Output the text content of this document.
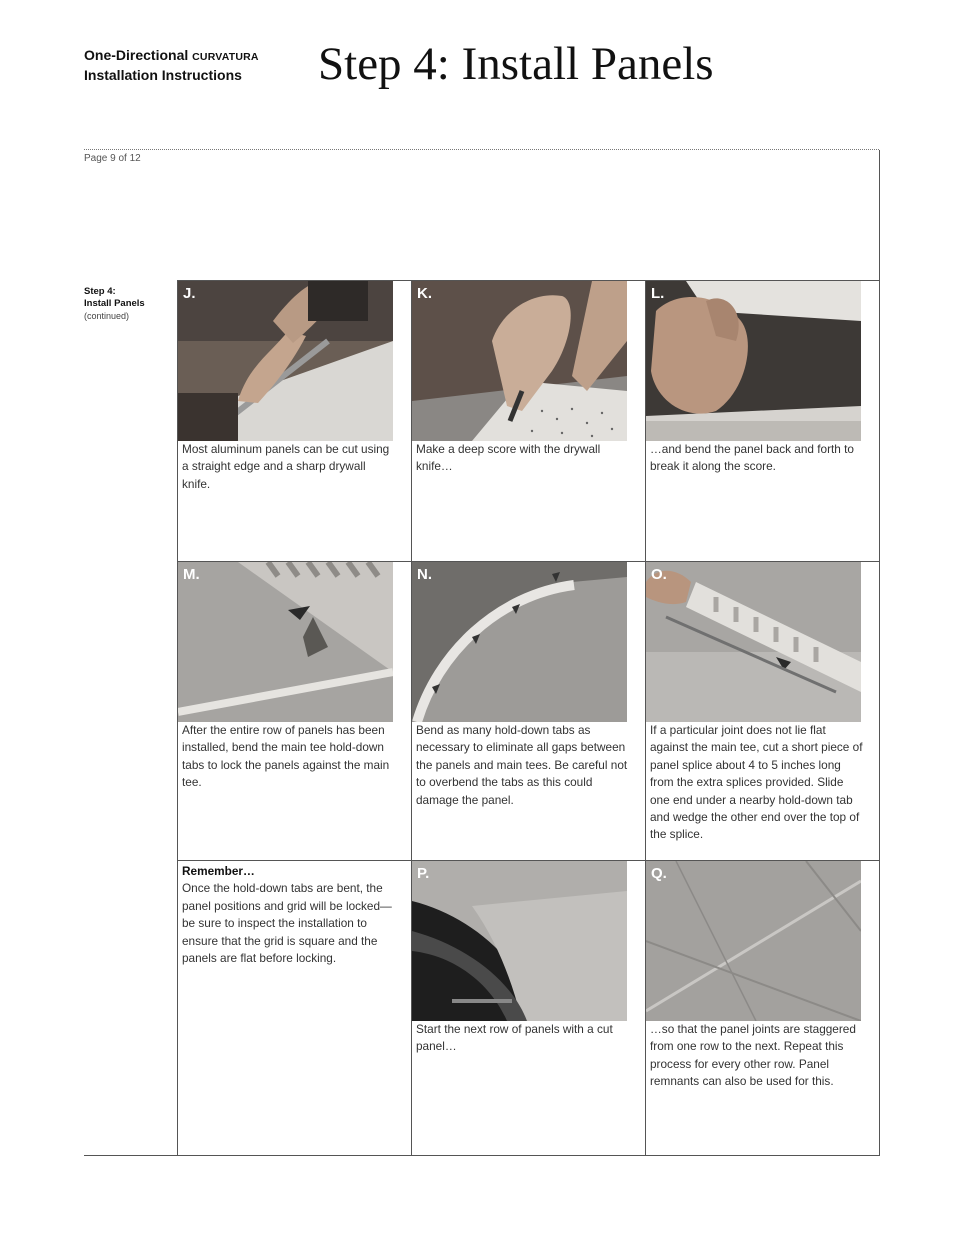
One-Directional CURVATURA
Installation Instructions	Step 4: Install Panels
Page 9 of 12
Step 4:
Install Panels
(continued)
J.
Most aluminum panels can be cut using a straight edge and a sharp drywall knife.
K.
Make a deep score with the drywall knife…
L.
…and bend the panel back and forth to break it along the score.
M.
After the entire row of panels has been installed, bend the main tee hold-down tabs to lock the panels against the main tee.
N.
Bend as many hold-down tabs as necessary to eliminate all gaps between the panels and main tees. Be careful not to overbend the tabs as this could damage the panel.
O.
If a particular joint does not lie flat against the main tee, cut a short piece of panel splice about 4 to 5 inches long from the extra splices provided. Slide one end under a nearby hold-down tab and wedge the other end over the top of the splice.
Remember…
Once the hold-down tabs are bent, the panel positions and grid will be locked—be sure to inspect the installation to ensure that the grid is square and the panels are flat before locking.
P.
Start the next row of panels with a cut panel…
Q.
…so that the panel joints are staggered from one row to the next. Repeat this process for every other row. Panel remnants can also be used for this.
